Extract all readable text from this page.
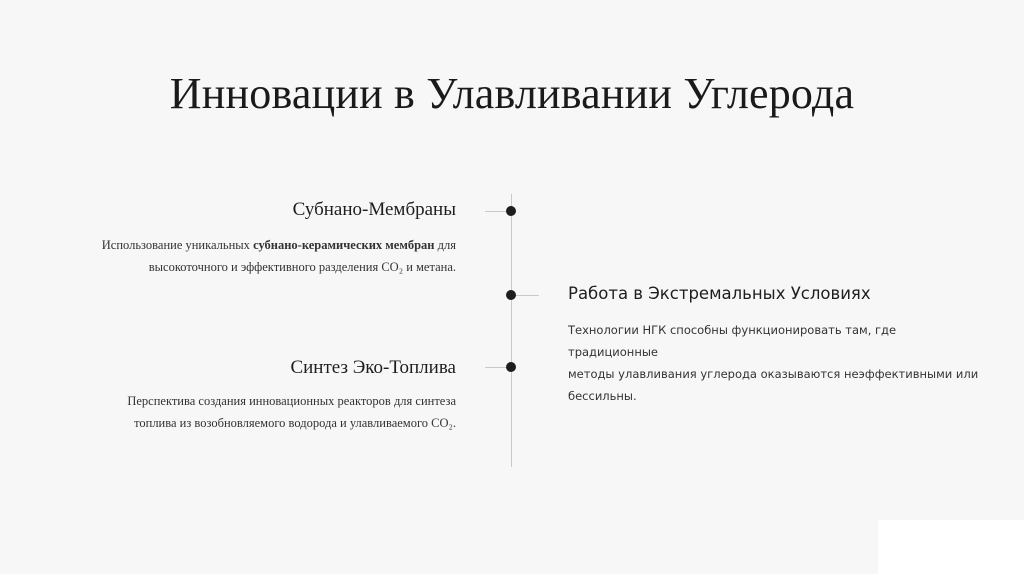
Инновации в Улавливании Углерода
Субнано-Мембраны

Использование уникальных субнано-керамических мембран для
высокоточного и эффективного разделения CO₂ и метана.

Работа в Экстремальных Условиях

Технологии НГК способны функционировать там, где традиционные
методы улавливания углерода оказываются неэффективными или
бессильны.

Синтез Эко-Топлива

Перспектива создания инновационных реакторов для синтеза
топлива из возобновляемого водорода и улавливаемого CO₂.
